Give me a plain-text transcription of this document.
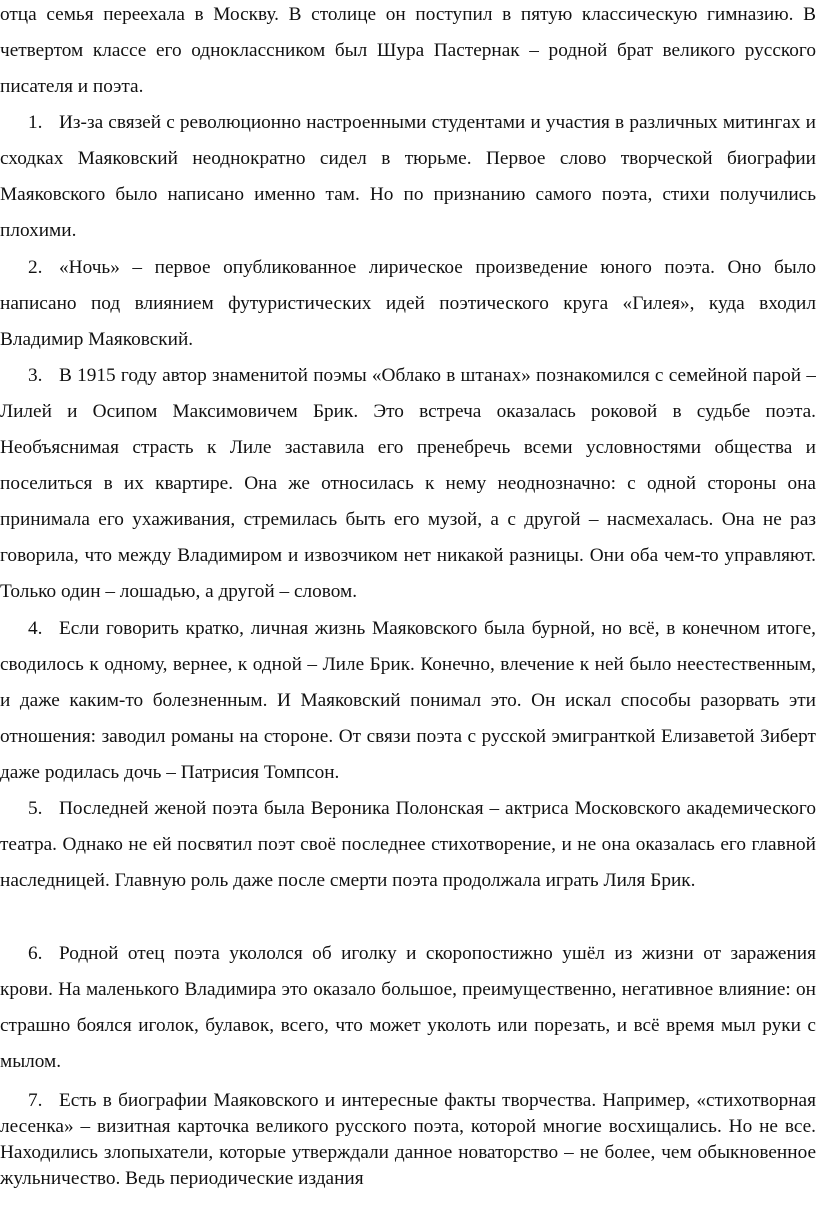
отца семья переехала в Москву. В столице он поступил в пятую классическую гимназию. В четвертом классе его одноклассником был Шура Пастернак – родной брат великого русского писателя и поэта.

1. Из-за связей с революционно настроенными студентами и участия в различных митингах и сходках Маяковский неоднократно сидел в тюрьме. Первое слово творческой биографии Маяковского было написано именно там. Но по признанию самого поэта, стихи получились плохими.

2. «Ночь» – первое опубликованное лирическое произведение юного поэта. Оно было написано под влиянием футуристических идей поэтического круга «Гилея», куда входил Владимир Маяковский.

3. В 1915 году автор знаменитой поэмы «Облако в штанах» познакомился с семейной парой – Лилей и Осипом Максимовичем Брик. Это встреча оказалась роковой в судьбе поэта. Необъяснимая страсть к Лиле заставила его пренебречь всеми условностями общества и поселиться в их квартире. Она же относилась к нему неоднозначно: с одной стороны она принимала его ухаживания, стремилась быть его музой, а с другой – насмехалась. Она не раз говорила, что между Владимиром и извозчиком нет никакой разницы. Они оба чем-то управляют. Только один – лошадью, а другой – словом.

4. Если говорить кратко, личная жизнь Маяковского была бурной, но всё, в конечном итоге, сводилось к одному, вернее, к одной – Лиле Брик. Конечно, влечение к ней было неестественным, и даже каким-то болезненным. И Маяковский понимал это. Он искал способы разорвать эти отношения: заводил романы на стороне. От связи поэта с русской эмигранткой Елизаветой Зиберт даже родилась дочь – Патрисия Томпсон.

5. Последней женой поэта была Вероника Полонская – актриса Московского академического театра. Однако не ей посвятил поэт своё последнее стихотворение, и не она оказалась его главной наследницей. Главную роль даже после смерти поэта продолжала играть Лиля Брик.

6. Родной отец поэта укололся об иголку и скоропостижно ушёл из жизни от заражения крови. На маленького Владимира это оказало большое, преимущественно, негативное влияние: он страшно боялся иголок, булавок, всего, что может уколоть или порезать, и всё время мыл руки с мылом.

7. Есть в биографии Маяковского и интересные факты творчества. Например, «стихотворная лесенка» – визитная карточка великого русского поэта, которой многие восхищались. Но не все. Находились злопыхатели, которые утверждали данное новаторство – не более, чем обыкновенное жульничество. Ведь периодические издания
